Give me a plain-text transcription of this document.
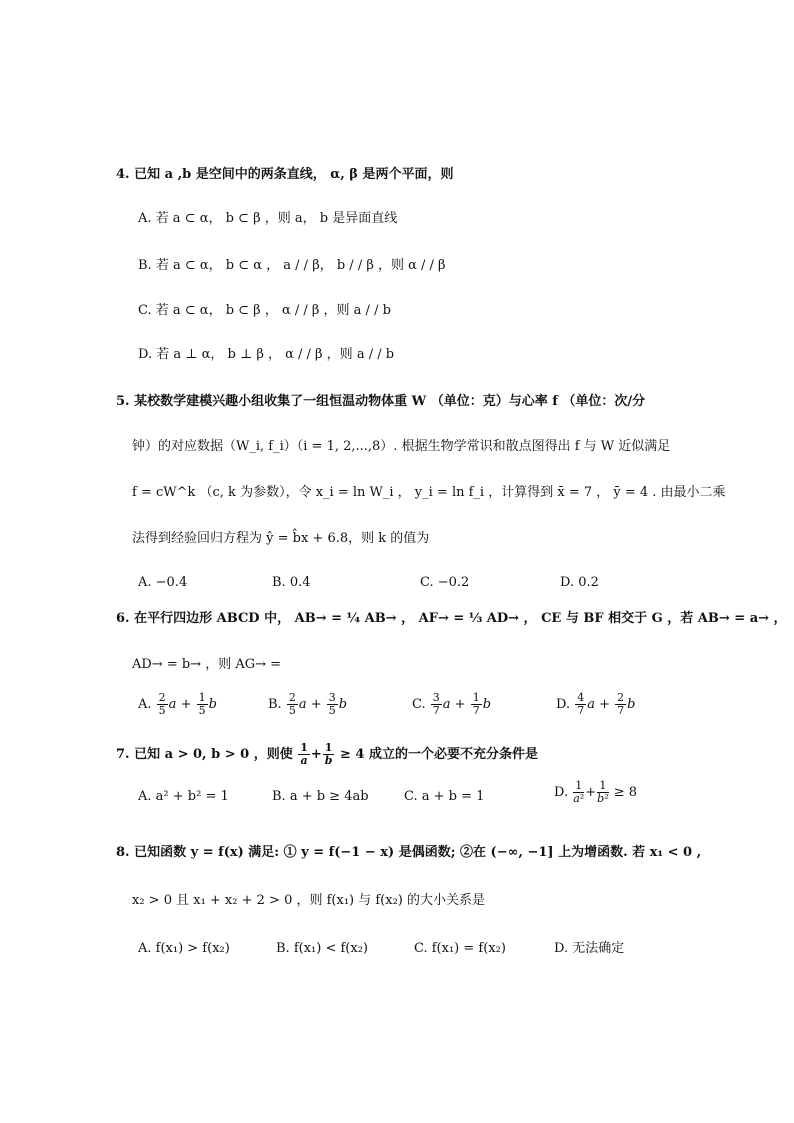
4. 已知 a ,b 是空间中的两条直线， α, β 是两个平面，则
A. 若 a ⊂ α， b ⊂ β ，则 a， b 是异面直线
B. 若 a ⊂ α， b ⊂ α ， a / / β， b / / β ，则 α / / β
C. 若 a ⊂ α， b ⊂ β ， α / / β ，则 a / / b
D. 若 a ⊥ α， b ⊥ β ， α / / β ，则 a / / b
5. 某校数学建模兴趣小组收集了一组恒温动物体重 W （单位：克）与心率 f （单位：次/分
钟）的对应数据（W_i, f_i）（i = 1, 2,...,8）. 根据生物学常识和散点图得出 f 与 W 近似满足
f = cW^k （c, k 为参数），令 x_i = ln W_i ， y_i = ln f_i ，计算得到 x̄ = 7 ， ȳ = 4 . 由最小二乘
法得到经验回归方程为 ŷ = b̂x + 6.8，则 k 的值为
A. −0.4	B. 0.4	C. −0.2	D. 0.2
6. 在平行四边形 ABCD 中， AB→ = ¼ AB→ ， AF→ = ⅓ AD→ ， CE 与 BF 相交于 G ，若 AB→ = a→ ，
AD→ = b→ ，则 AG→ =
A. $\frac{2}{5}$ $a + \frac{1}{5}$ b	B. $\frac{2}{5}$ $a + \frac{3}{5}$ b	C. $\frac{3}{7}$ $a + \frac{1}{7}$ b	D. $\frac{4}{7}$ $a + \frac{2}{7}$ b
7. 已知 a > 0, b > 0 ，则使 $\frac{1}{a} + \frac{1}{b} \ge 4$ 成立的一个必要不充分条件是
A. a² + b² = 1	B. a + b ≥ 4ab	C. a + b = 1	D. $\frac{1}{\text{a²}} + \frac{1}{\text{b²}} \ge 8$
8. 已知函数 y = f(x) 满足: ① y = f(−1 − x) 是偶函数; ②在 (−∞, −1] 上为增函数. 若 x₁ < 0 ,
x₂ > 0 且 x₁ + x₂ + 2 > 0 ，则 f(x₁) 与 f(x₂) 的大小关系是
A. f(x₁) > f(x₂)	B. f(x₁) < f(x₂)	C. f(x₁) = f(x₂)	D. 无法确定
